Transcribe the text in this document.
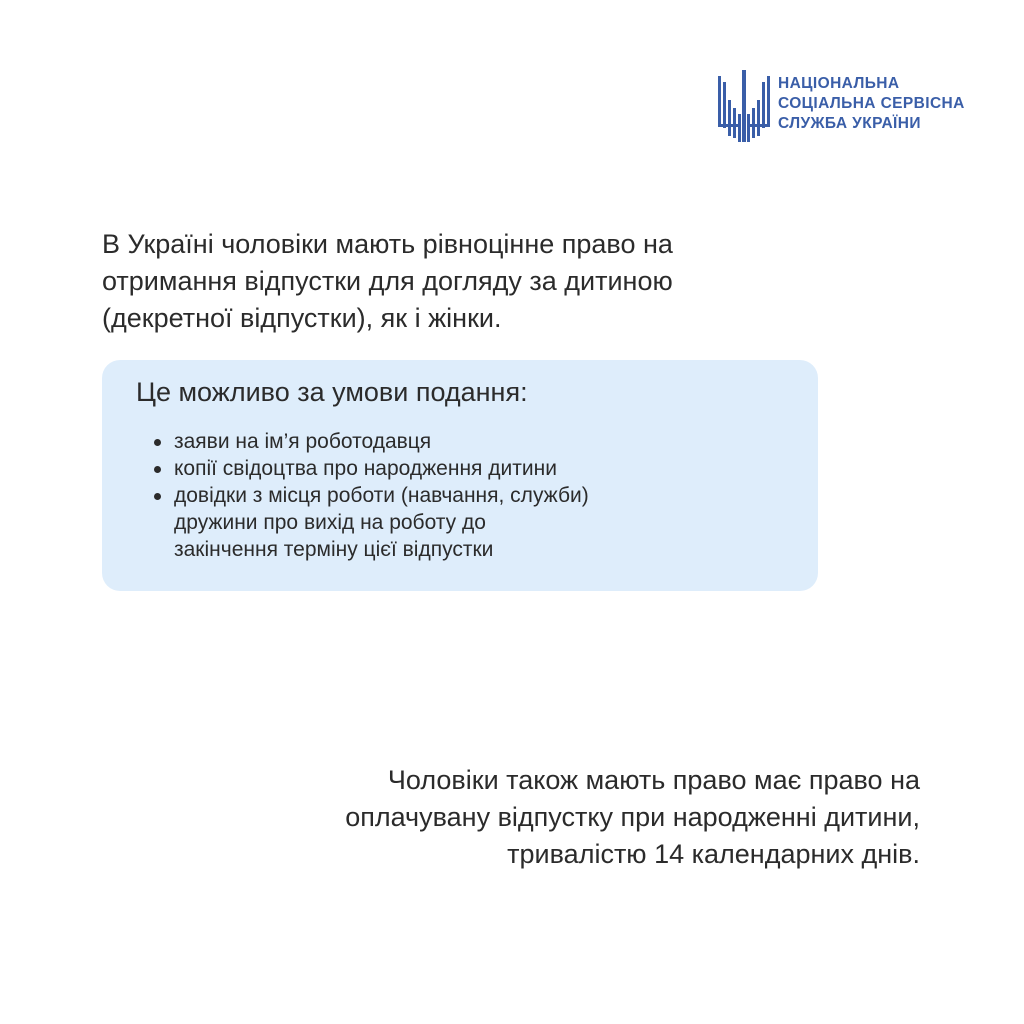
НАЦІОНАЛЬНА
СОЦІАЛЬНА СЕРВІСНА
СЛУЖБА УКРАЇНИ

В Україні чоловіки мають рівноцінне право на
отримання відпустки для догляду за дитиною
(декретної відпустки), як і жінки.

Це можливо за умови подання:
заяви на ім’я роботодавця
копії свідоцтва про народження дитини
довідки з місця роботи (навчання, служби)
дружини про вихід на роботу до
закінчення терміну цієї відпустки

Чоловіки також мають право має право на
оплачувану відпустку при народженні дитини,
тривалістю 14 календарних днів.
